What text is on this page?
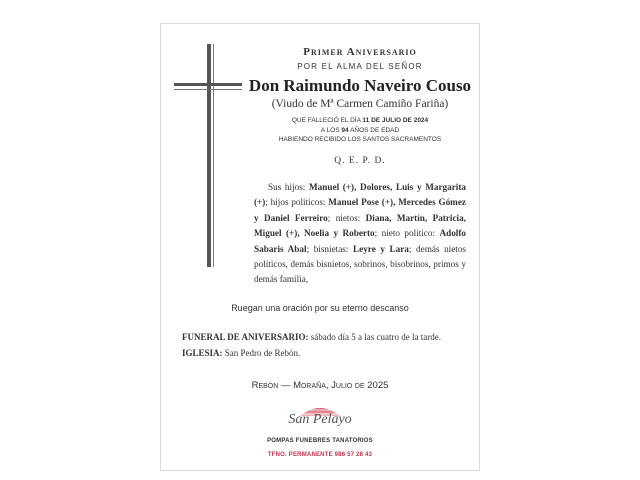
Primer Aniversario
POR EL ALMA DEL SEÑOR
Don Raimundo Naveiro Couso
(Viudo de Mª Carmen Camiño Fariña)
QUE FALLECIÓ EL DÍA 11 DE JULIO DE 2024
A LOS 94 AÑOS DE EDAD
HABIENDO RECIBIDO LOS SANTOS SACRAMENTOS
Q. E. P. D.
Sus hijos: Manuel (+), Dolores, Luis y Margarita (+); hijos políticos: Manuel Pose (+), Mercedes Gómez y Daniel Ferreiro; nietos: Diana, Martín, Patricia, Miguel (+), Noelia y Roberto; nieto político: Adolfo Sabaris Abal; bisnietas: Leyre y Lara; demás nietos políticos, demás bisnietos, sobrinos, bisobrinos, primos y demás familia,
Ruegan una oración por su eterno descanso
FUNERAL DE ANIVERSARIO: sábado día 5 a las cuatro de la tarde.
IGLESIA: San Pedro de Rebón.
Rebón — Moraña, Julio de 2025
San Pelayo
POMPAS FUNEBRES TANATORIOS
TFNO. PERMANENTE 986 57 28 43
